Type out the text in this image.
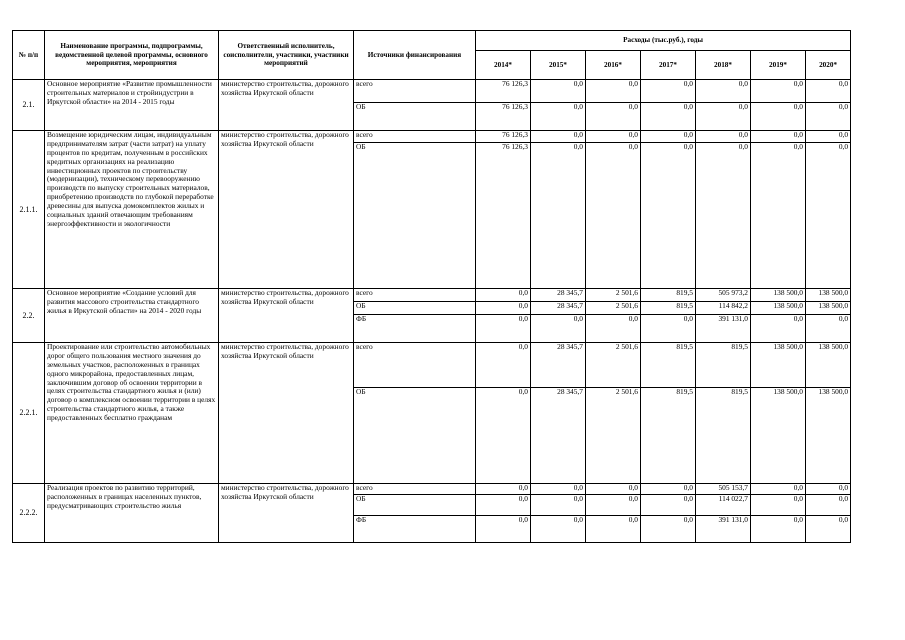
№ п/п	Наименование программы, подпрограммы, ведомственной целевой программы, основного мероприятия, мероприятия	Ответственный исполнитель, соисполнители, участники, участники мероприятий	Источники финансирования	Расходы (тыс.руб.), годы						
				2014*	2015*	2016*	2017*	2018*	2019*	2020*
2.1.	Основное мероприятие «Развитие промышленности строительных материалов и стройиндустрии в Иркутской области» на 2014 - 2015 годы	министерство строительства, дорожного хозяйства Иркутской области	всего	76 126,3	0,0	0,0	0,0	0,0	0,0	0,0
			ОБ	76 126,3	0,0	0,0	0,0	0,0	0,0	0,0
2.1.1.	Возмещение юридическим лицам, индивидуальным предпринимателям затрат (части затрат) на уплату процентов по кредитам, полученным в российских кредитных организациях на реализацию инвестиционных проектов по строительству (модернизации), техническому перевооружению производств по выпуску строительных материалов, приобретению производств по глубокой переработке древесины для выпуска домокомплектов жилых и социальных зданий отвечающим требованиям энергоэффективности и экологичности	министерство строительства, дорожного хозяйства Иркутской области	всего	76 126,3	0,0	0,0	0,0	0,0	0,0	0,0
			ОБ	76 126,3	0,0	0,0	0,0	0,0	0,0	0,0
2.2.	Основное мероприятие «Создание условий для развития массового строительства стандартного жилья в Иркутской области» на 2014 - 2020 годы	министерство строительства, дорожного хозяйства Иркутской области	всего	0,0	28 345,7	2 501,6	819,5	505 973,2	138 500,0	138 500,0
			ОБ	0,0	28 345,7	2 501,6	819,5	114 842,2	138 500,0	138 500,0
			ФБ	0,0	0,0	0,0	0,0	391 131,0	0,0	0,0
2.2.1.	Проектирование или строительство автомобильных дорог общего пользования местного значения до земельных участков, расположенных в границах одного микрорайона, предоставленных лицам, заключившим договор об освоении территории в целях строительства стандартного жилья и (или) договор о комплексном освоении территории в целях строительства стандартного жилья, а также предоставленных бесплатно гражданам	министерство строительства, дорожного хозяйства Иркутской области	всего	0,0	28 345,7	2 501,6	819,5	819,5	138 500,0	138 500,0
			ОБ	0,0	28 345,7	2 501,6	819,5	819,5	138 500,0	138 500,0
2.2.2.	Реализация проектов по развитию территорий, расположенных в границах населенных пунктов, предусматривающих строительство жилья	министерство строительства, дорожного хозяйства Иркутской области	всего	0,0	0,0	0,0	0,0	505 153,7	0,0	0,0
			ОБ	0,0	0,0	0,0	0,0	114 022,7	0,0	0,0
			ФБ	0,0	0,0	0,0	0,0	391 131,0	0,0	0,0
